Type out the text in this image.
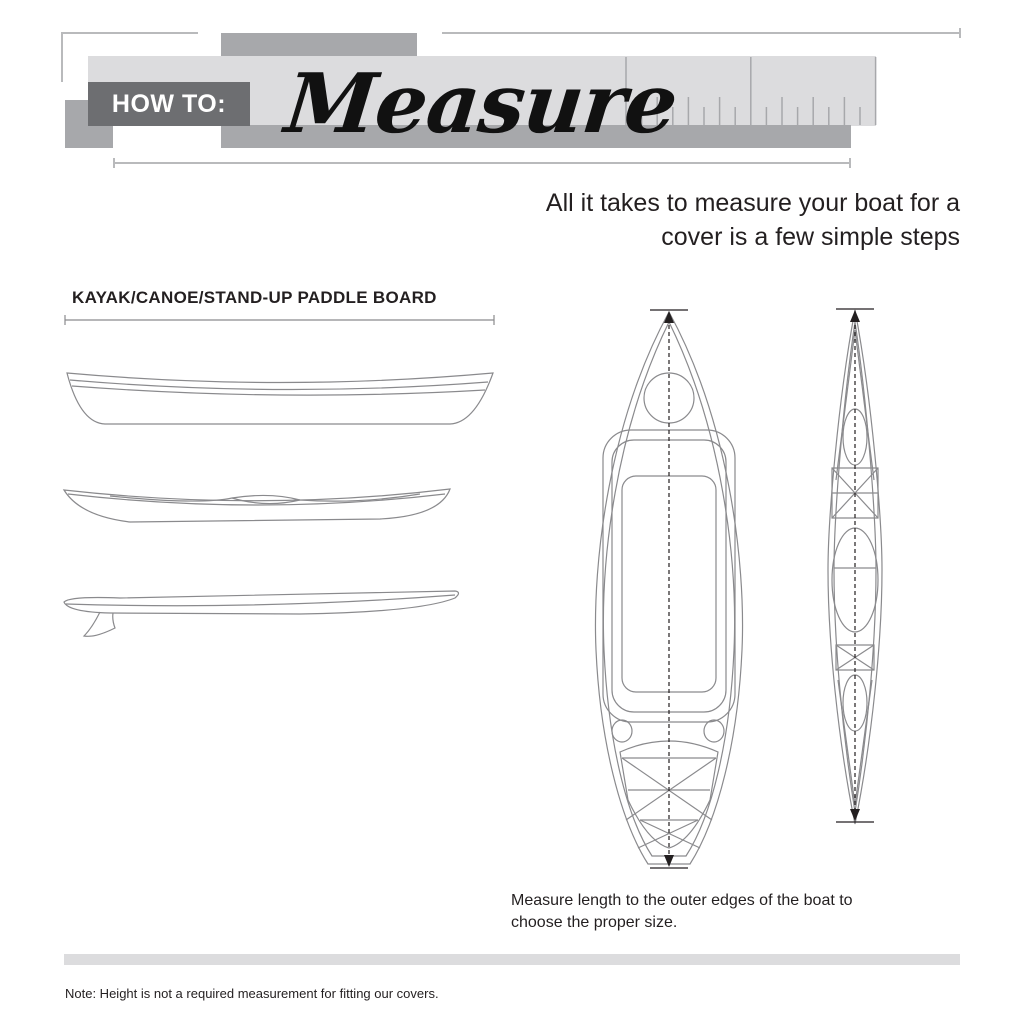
HOW TO: Measure
All it takes to measure your boat for a
cover is a few simple steps
KAYAK/CANOE/STAND-UP PADDLE BOARD
Measure length to the outer edges of the boat to
choose the proper size.
Note: Height is not a required measurement for fitting our covers.
